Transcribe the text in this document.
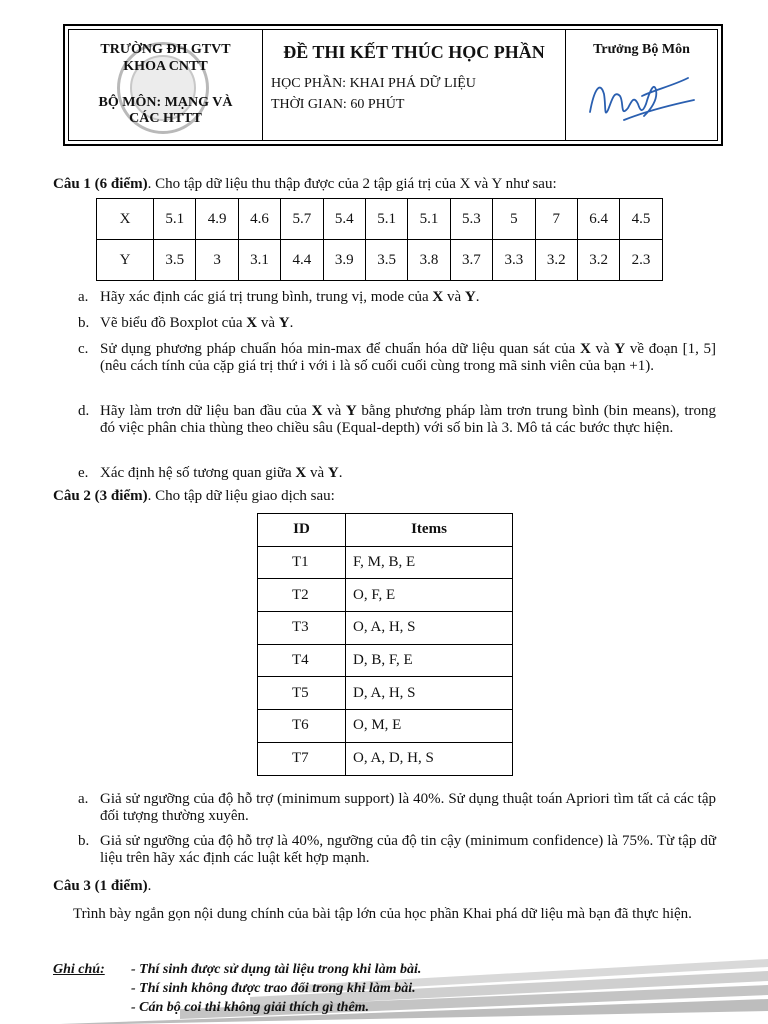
TRƯỜNG ĐH GTVT
KHOA CNTT
BỘ MÔN: MẠNG VÀ
CÁC HTTT
ĐỀ THI KẾT THÚC HỌC PHẦN
HỌC PHẦN: KHAI PHÁ DỮ LIỆU
THỜI GIAN: 60 PHÚT
Trưởng Bộ Môn
Câu 1 (6 điểm). Cho tập dữ liệu thu thập được của 2 tập giá trị của X và Y như sau:
X	5.1	4.9	4.6	5.7	5.4	5.1	5.1	5.3	5	7	6.4	4.5
Y	3.5	3	3.1	4.4	3.9	3.5	3.8	3.7	3.3	3.2	3.2	2.3
a. Hãy xác định các giá trị trung bình, trung vị, mode của X và Y.
b. Vẽ biểu đồ Boxplot của X và Y.
c. Sử dụng phương pháp chuẩn hóa min-max để chuẩn hóa dữ liệu quan sát của X và Y về đoạn [1, 5] (nêu cách tính của cặp giá trị thứ i với i là số cuối cuối cùng trong mã sinh viên của bạn +1).
d. Hãy làm trơn dữ liệu ban đầu của X và Y bằng phương pháp làm trơn trung bình (bin means), trong đó việc phân chia thùng theo chiều sâu (Equal-depth) với số bin là 3. Mô tả các bước thực hiện.
e. Xác định hệ số tương quan giữa X và Y.
Câu 2 (3 điểm). Cho tập dữ liệu giao dịch sau:
ID	Items
T1	F, M, B, E
T2	O, F, E
T3	O, A, H, S
T4	D, B, F, E
T5	D, A, H, S
T6	O, M, E
T7	O, A, D, H, S
a. Giả sử ngưỡng của độ hỗ trợ (minimum support) là 40%. Sử dụng thuật toán Apriori tìm tất cả các tập đối tượng thường xuyên.
b. Giả sử ngưỡng của độ hỗ trợ là 40%, ngưỡng của độ tin cậy (minimum confidence) là 75%. Từ tập dữ liệu trên hãy xác định các luật kết hợp mạnh.
Câu 3 (1 điểm).
Trình bày ngắn gọn nội dung chính của bài tập lớn của học phần Khai phá dữ liệu mà bạn đã thực hiện.
Ghi chú: - Thí sinh được sử dụng tài liệu trong khi làm bài.
- Thí sinh không được trao đổi trong khi làm bài.
- Cán bộ coi thi không giải thích gì thêm.
